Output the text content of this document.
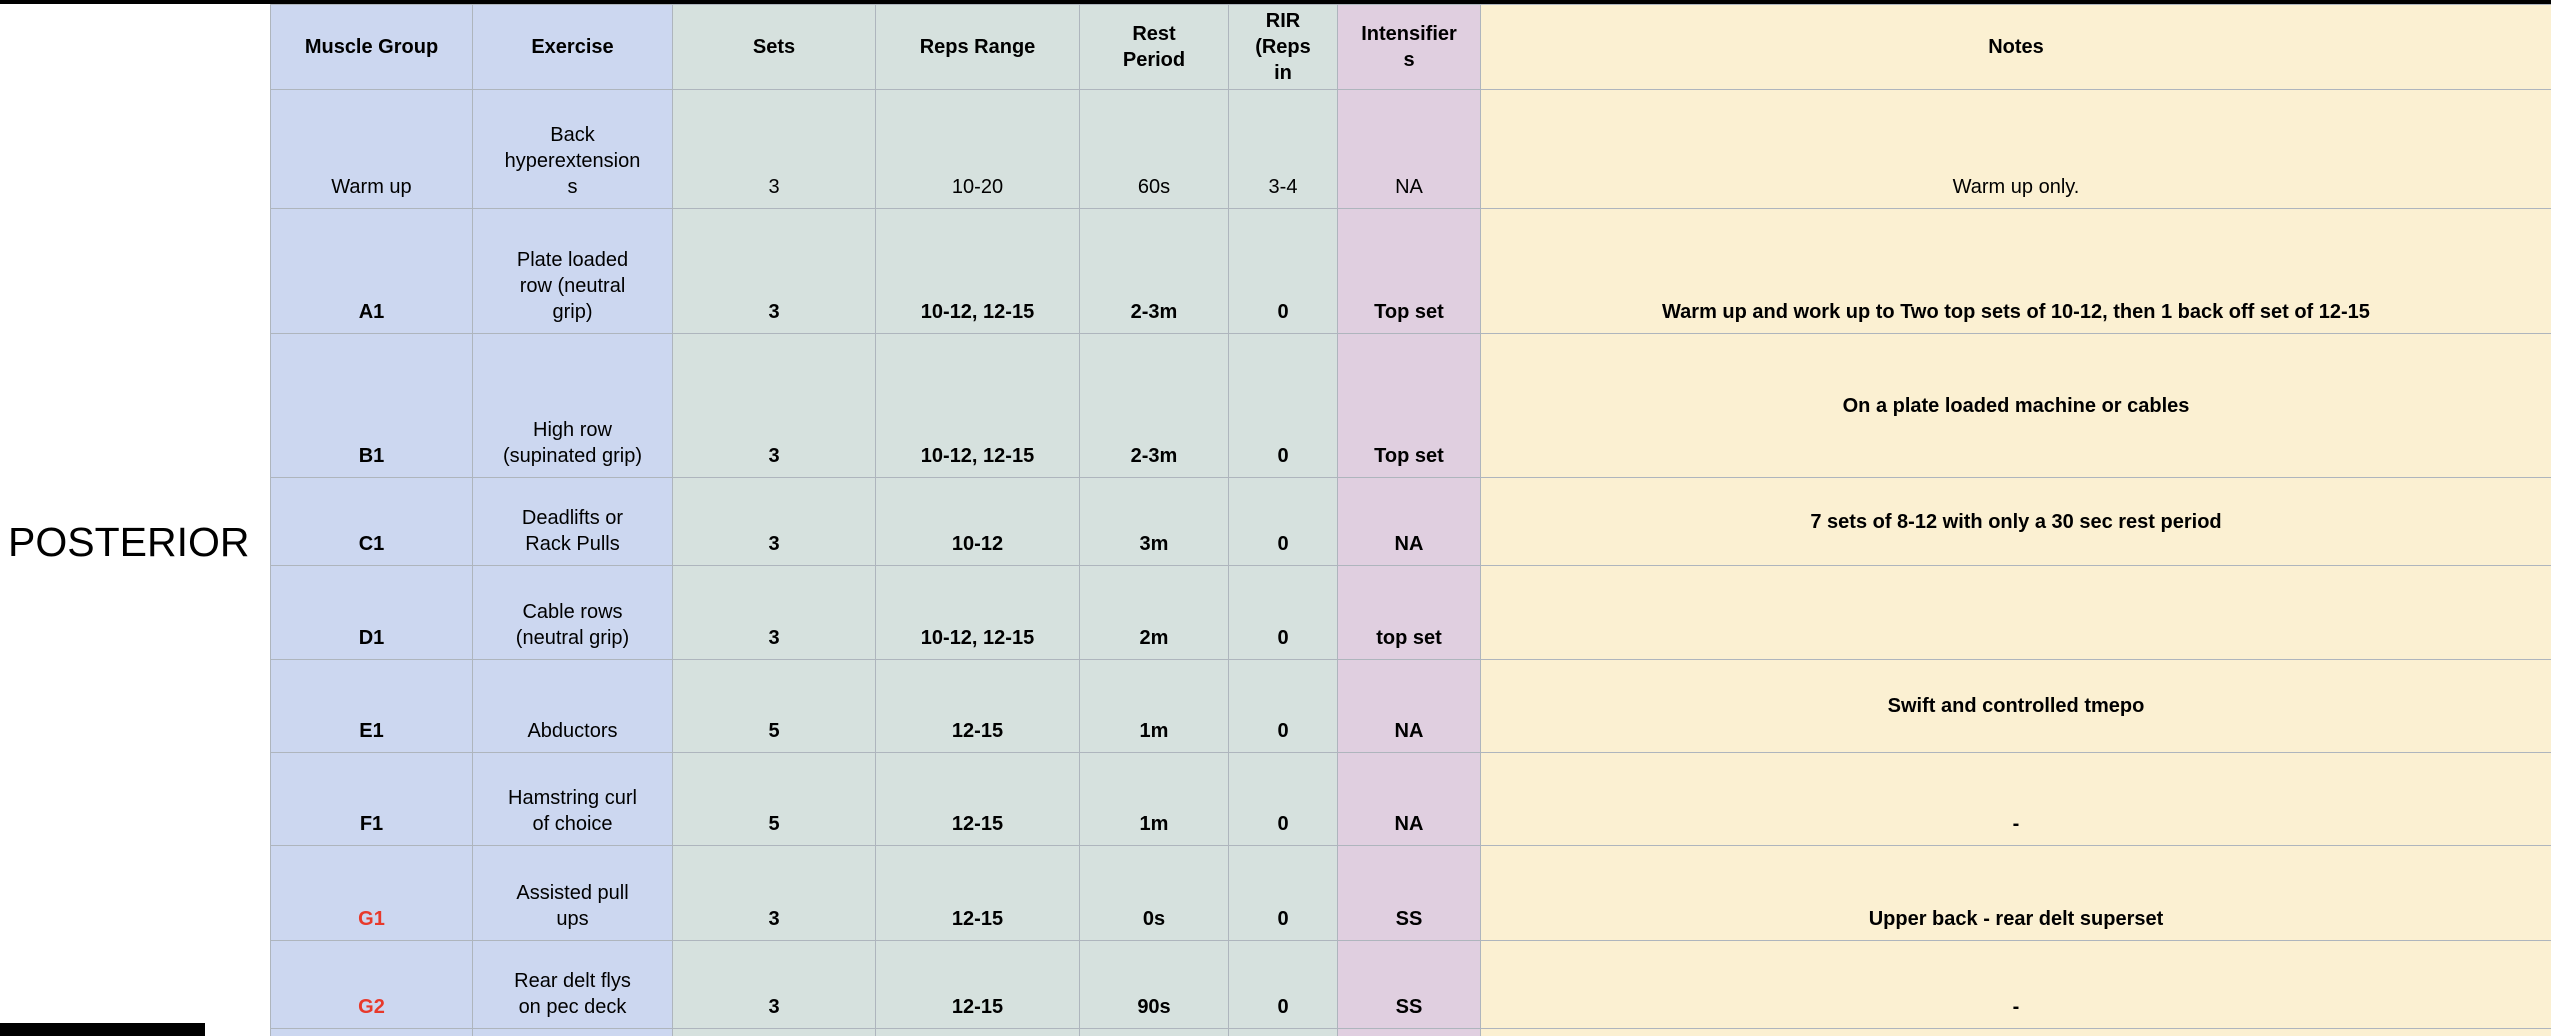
POSTERIOR
Muscle Group	Exercise	Sets	Reps Range	Rest Period	RIR (Reps in	Intensifiers	Notes
Warm up	Back hyperextensions	3	10-20	60s	3-4	NA	Warm up only.
A1	Plate loaded row (neutral grip)	3	10-12, 12-15	2-3m	0	Top set	Warm up and work up to Two top sets of 10-12, then 1 back off set of 12-15
B1	High row (supinated grip)	3	10-12, 12-15	2-3m	0	Top set	On a plate loaded machine or cables
C1	Deadlifts or Rack Pulls	3	10-12	3m	0	NA	7 sets of 8-12 with only a 30 sec rest period
D1	Cable rows (neutral grip)	3	10-12, 12-15	2m	0	top set	
E1	Abductors	5	12-15	1m	0	NA	Swift and controlled tmepo
F1	Hamstring curl of choice	5	12-15	1m	0	NA	-
G1	Assisted pull ups	3	12-15	0s	0	SS	Upper back - rear delt superset
G2	Rear delt flys on pec deck	3	12-15	90s	0	SS	-
